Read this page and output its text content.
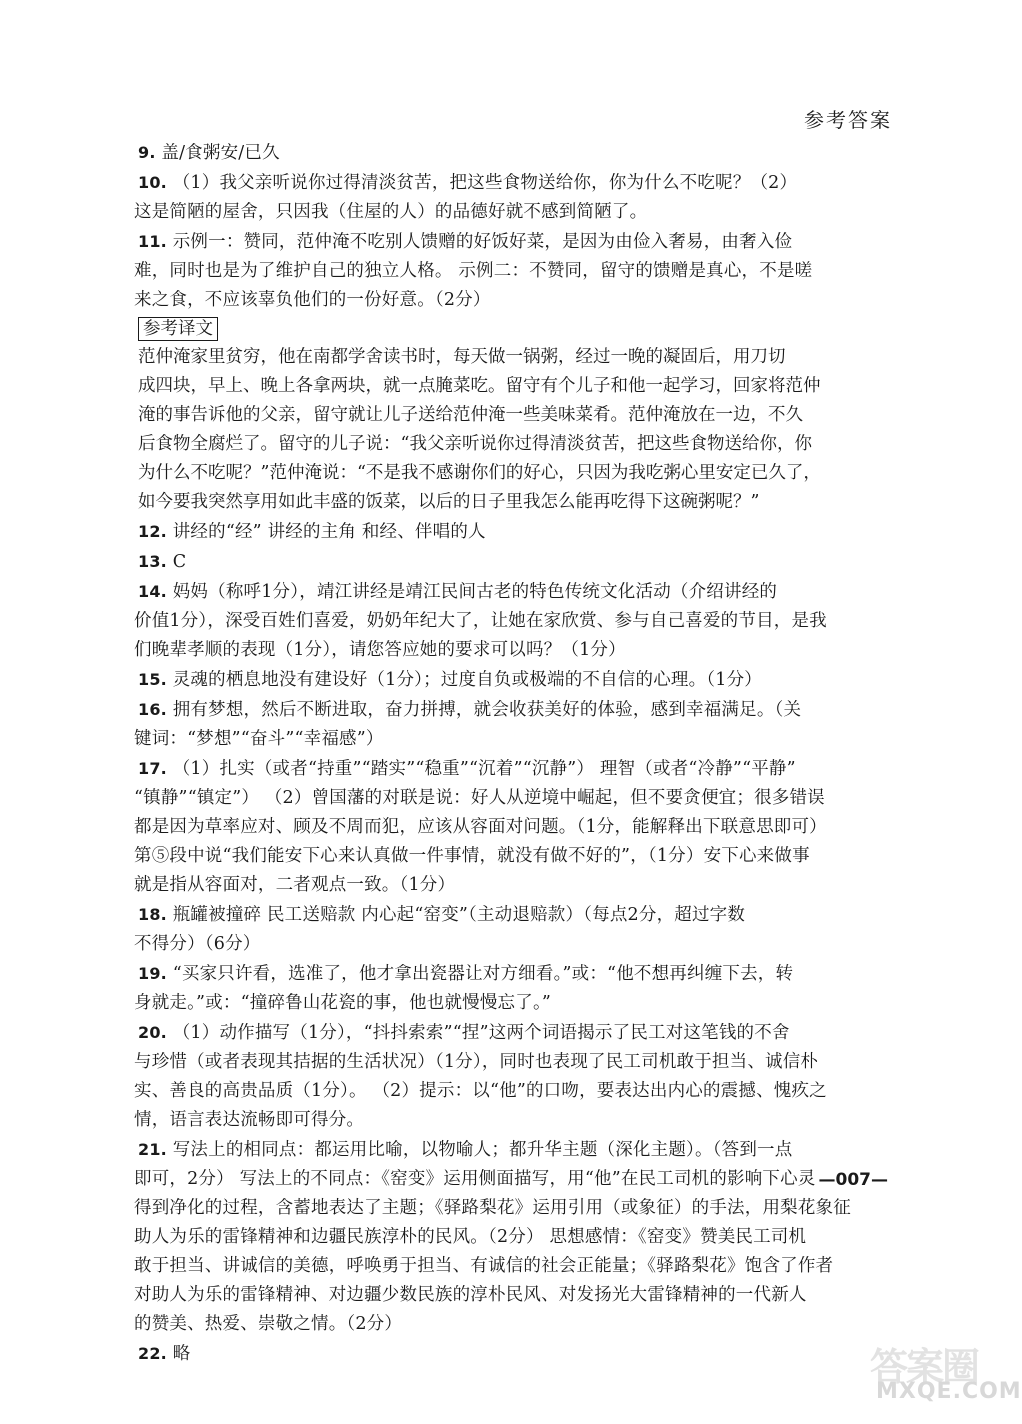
参考答案
9. 盖/食粥安/已久
10. （1）我父亲听说你过得清淡贫苦，把这些食物送给你，你为什么不吃呢？（2）
这是简陋的屋舍，只因我（住屋的人）的品德好就不感到简陋了。
11. 示例一：赞同，范仲淹不吃别人馈赠的好饭好菜，是因为由俭入奢易，由奢入俭
难，同时也是为了维护自己的独立人格。 示例二：不赞同，留守的馈赠是真心，不是嗟
来之食，不应该辜负他们的一份好意。（2分）
参考译文
范仲淹家里贫穷，他在南都学舍读书时，每天做一锅粥，经过一晚的凝固后，用刀切
成四块，早上、晚上各拿两块，就一点腌菜吃。留守有个儿子和他一起学习，回家将范仲
淹的事告诉他的父亲，留守就让儿子送给范仲淹一些美味菜肴。范仲淹放在一边，不久
后食物全腐烂了。留守的儿子说：“我父亲听说你过得清淡贫苦，把这些食物送给你，你
为什么不吃呢？”范仲淹说：“不是我不感谢你们的好心，只因为我吃粥心里安定已久了，
如今要我突然享用如此丰盛的饭菜，以后的日子里我怎么能再吃得下这碗粥呢？”
12. 讲经的“经” 讲经的主角 和经、伴唱的人
13. C
14. 妈妈（称呼1分），靖江讲经是靖江民间古老的特色传统文化活动（介绍讲经的
价值1分），深受百姓们喜爱，奶奶年纪大了，让她在家欣赏、参与自己喜爱的节目，是我
们晚辈孝顺的表现（1分），请您答应她的要求可以吗？（1分）
15. 灵魂的栖息地没有建设好（1分）；过度自负或极端的不自信的心理。（1分）
16. 拥有梦想，然后不断进取，奋力拼搏，就会收获美好的体验，感到幸福满足。（关
键词：“梦想”“奋斗”“幸福感”）
17. （1）扎实（或者“持重”“踏实”“稳重”“沉着”“沉静”） 理智（或者“冷静”“平静”
“镇静”“镇定”） （2）曾国藩的对联是说：好人从逆境中崛起，但不要贪便宜；很多错误
都是因为草率应对、顾及不周而犯，应该从容面对问题。（1分，能解释出下联意思即可）
第⑤段中说“我们能安下心来认真做一件事情，就没有做不好的”，（1分）安下心来做事
就是指从容面对，二者观点一致。（1分）
18. 瓶罐被撞碎 民工送赔款 内心起“窑变”（主动退赔款）（每点2分，超过字数
不得分）（6分）
19. “买家只许看，选准了，他才拿出瓷器让对方细看。”或：“他不想再纠缠下去，转
身就走。”或：“撞碎鲁山花瓷的事，他也就慢慢忘了。”
20. （1）动作描写（1分），“抖抖索索”“捏”这两个词语揭示了民工对这笔钱的不舍
与珍惜（或者表现其拮据的生活状况）（1分），同时也表现了民工司机敢于担当、诚信朴
实、善良的高贵品质（1分）。 （2）提示：以“他”的口吻，要表达出内心的震撼、愧疚之
情，语言表达流畅即可得分。
21. 写法上的相同点：都运用比喻，以物喻人；都升华主题（深化主题）。（答到一点
即可，2分） 写法上的不同点：《窑变》运用侧面描写，用“他”在民工司机的影响下心灵
得到净化的过程，含蓄地表达了主题；《驿路梨花》运用引用（或象征）的手法，用梨花象征
助人为乐的雷锋精神和边疆民族淳朴的民风。（2分） 思想感情：《窑变》赞美民工司机
敢于担当、讲诚信的美德，呼唤勇于担当、有诚信的社会正能量；《驿路梨花》饱含了作者
对助人为乐的雷锋精神、对边疆少数民族的淳朴民风、对发扬光大雷锋精神的一代新人
的赞美、热爱、崇敬之情。（2分）
22. 略
—007—
答案圈
MXQE.COM
